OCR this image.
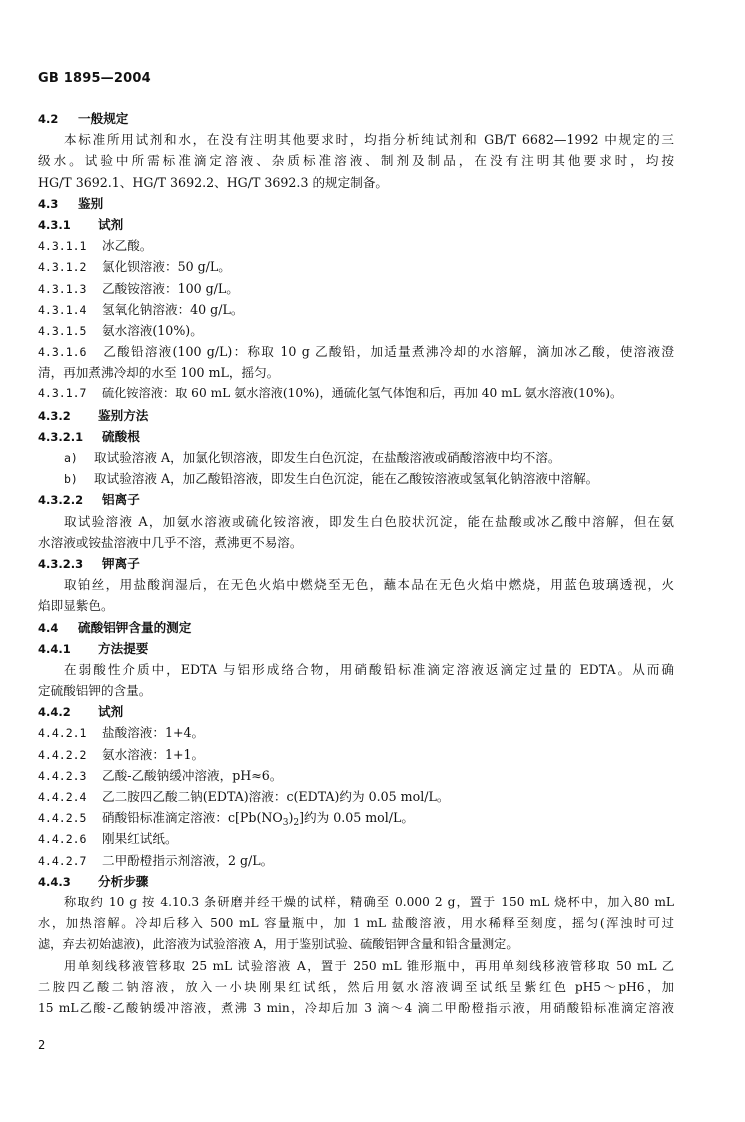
GB 1895—2004
4.2 一般规定
本标准所用试剂和水，在没有注明其他要求时，均指分析纯试剂和 GB/T 6682—1992 中规定的三
级水。试验中所需标准滴定溶液、杂质标准溶液、制剂及制品，在没有注明其他要求时，均按
HG/T 3692.1、HG/T 3692.2、HG/T 3692.3 的规定制备。
4.3 鉴别
4.3.1 试剂
4.3.1.1 冰乙酸。
4.3.1.2 氯化钡溶液：50 g/L。
4.3.1.3 乙酸铵溶液：100 g/L。
4.3.1.4 氢氧化钠溶液：40 g/L。
4.3.1.5 氨水溶液(10%)。
4.3.1.6 乙酸铅溶液(100 g/L)：称取 10 g 乙酸铅，加适量煮沸冷却的水溶解，滴加冰乙酸，使溶液澄
清，再加煮沸冷却的水至 100 mL，摇匀。
4.3.1.7 硫化铵溶液：取 60 mL 氨水溶液(10%)，通硫化氢气体饱和后，再加 40 mL 氨水溶液(10%)。
4.3.2 鉴别方法
4.3.2.1 硫酸根
a) 取试验溶液 A，加氯化钡溶液，即发生白色沉淀，在盐酸溶液或硝酸溶液中均不溶。
b) 取试验溶液 A，加乙酸铅溶液，即发生白色沉淀，能在乙酸铵溶液或氢氧化钠溶液中溶解。
4.3.2.2 铝离子
取试验溶液 A，加氨水溶液或硫化铵溶液，即发生白色胶状沉淀，能在盐酸或冰乙酸中溶解，但在氨
水溶液或铵盐溶液中几乎不溶，煮沸更不易溶。
4.3.2.3 钾离子
取铂丝，用盐酸润湿后，在无色火焰中燃烧至无色，蘸本品在无色火焰中燃烧，用蓝色玻璃透视，火
焰即显紫色。
4.4 硫酸铝钾含量的测定
4.4.1 方法提要
在弱酸性介质中，EDTA 与铝形成络合物，用硝酸铅标准滴定溶液返滴定过量的 EDTA。从而确
定硫酸铝钾的含量。
4.4.2 试剂
4.4.2.1 盐酸溶液：1+4。
4.4.2.2 氨水溶液：1+1。
4.4.2.3 乙酸-乙酸钠缓冲溶液，pH≈6。
4.4.2.4 乙二胺四乙酸二钠(EDTA)溶液：c(EDTA)约为 0.05 mol/L。
4.4.2.5 硝酸铅标准滴定溶液：$c[Pb(NO_3)_2]$约为 0.05 mol/L。
4.4.2.6 刚果红试纸。
4.4.2.7 二甲酚橙指示剂溶液，2 g/L。
4.4.3 分析步骤
称取约 10 g 按 4.10.3 条研磨并经干燥的试样，精确至 0.000 2 g，置于 150 mL 烧杯中，加入80 mL
水，加热溶解。冷却后移入 500 mL 容量瓶中，加 1 mL 盐酸溶液，用水稀释至刻度，摇匀(浑浊时可过
滤，弃去初始滤液)，此溶液为试验溶液 A，用于鉴别试验、硫酸铝钾含量和铅含量测定。
用单刻线移液管移取 25 mL 试验溶液 A，置于 250 mL 锥形瓶中，再用单刻线移液管移取 50 mL 乙
二胺四乙酸二钠溶液，放入一小块刚果红试纸，然后用氨水溶液调至试纸呈紫红色 pH5～pH6，加
15 mL乙酸-乙酸钠缓冲溶液，煮沸 3 min，冷却后加 3 滴～4 滴二甲酚橙指示液，用硝酸铅标准滴定溶液
2
